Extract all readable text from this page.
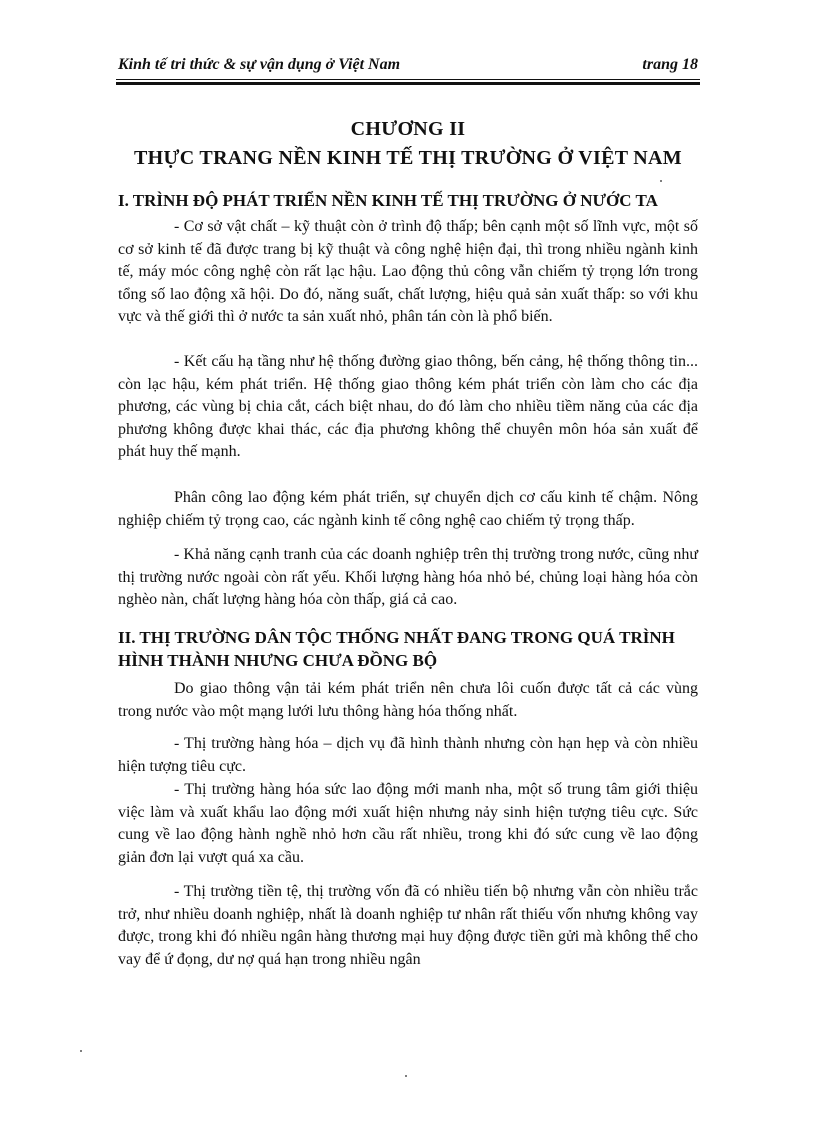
Kinh tế tri thức & sự vận dụng ở Việt Nam	trang 18
CHƯƠNG II
THỰC TRANG NỀN KINH TẾ THỊ TRƯỜNG Ở VIỆT NAM
I. TRÌNH ĐỘ PHÁT TRIỂN NỀN KINH TẾ THỊ TRƯỜNG Ở NƯỚC TA

- Cơ sở vật chất – kỹ thuật còn ở trình độ thấp; bên cạnh một số lĩnh vực, một số cơ sở kinh tế đã được trang bị kỹ thuật và công nghệ hiện đại, thì trong nhiều ngành kinh tế, máy móc công nghệ còn rất lạc hậu. Lao động thủ công vẫn chiếm tỷ trọng lớn trong tổng số lao động xã hội. Do đó, năng suất, chất lượng, hiệu quả sản xuất thấp: so với khu vực và thế giới thì ở nước ta sản xuất nhỏ, phân tán còn là phổ biến.

- Kết cấu hạ tầng như hệ thống đường giao thông, bến cảng, hệ thống thông tin... còn lạc hậu, kém phát triển. Hệ thống giao thông kém phát triển còn làm cho các địa phương, các vùng bị chia cắt, cách biệt nhau, do đó làm cho nhiều tiềm năng của các địa phương không được khai thác, các địa phương không thể chuyên môn hóa sản xuất để phát huy thế mạnh.

Phân công lao động kém phát triển, sự chuyển dịch cơ cấu kinh tế chậm. Nông nghiệp chiếm tỷ trọng cao, các ngành kinh tế công nghệ cao chiếm tỷ trọng thấp.

- Khả năng cạnh tranh của các doanh nghiệp trên thị trường trong nước, cũng như thị trường nước ngoài còn rất yếu. Khối lượng hàng hóa nhỏ bé, chủng loại hàng hóa còn nghèo nàn, chất lượng hàng hóa còn thấp, giá cả cao.

II. THỊ TRƯỜNG DÂN TỘC THỐNG NHẤT ĐANG TRONG QUÁ TRÌNH
HÌNH THÀNH NHƯNG CHƯA ĐỒNG BỘ

Do giao thông vận tải kém phát triển nên chưa lôi cuốn được tất cả các vùng trong nước vào một mạng lưới lưu thông hàng hóa thống nhất.

- Thị trường hàng hóa – dịch vụ đã hình thành nhưng còn hạn hẹp và còn nhiều hiện tượng tiêu cực.

- Thị trường hàng hóa sức lao động mới manh nha, một số trung tâm giới thiệu việc làm và xuất khẩu lao động mới xuất hiện nhưng nảy sinh hiện tượng tiêu cực. Sức cung về lao động hành nghề nhỏ hơn cầu rất nhiều, trong khi đó sức cung về lao động giản đơn lại vượt quá xa cầu.

- Thị trường tiền tệ, thị trường vốn đã có nhiều tiến bộ nhưng vẫn còn nhiều trắc trở, như nhiều doanh nghiệp, nhất là doanh nghiệp tư nhân rất thiếu vốn nhưng không vay được, trong khi đó nhiều ngân hàng thương mại huy động được tiền gửi mà không thể cho vay để ứ đọng, dư nợ quá hạn trong nhiều ngân
